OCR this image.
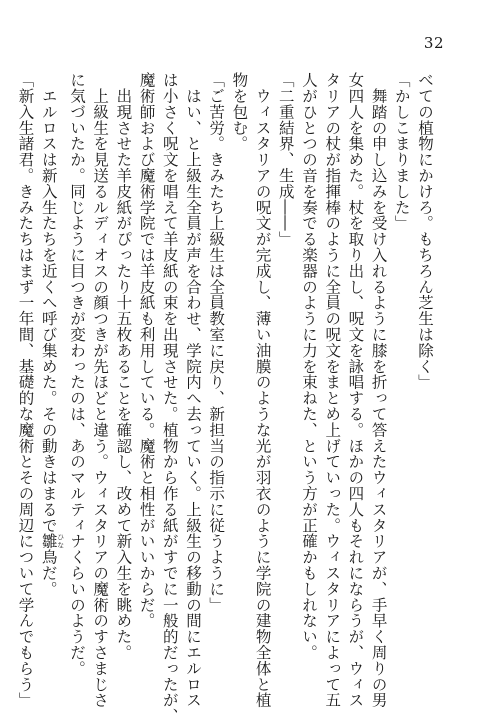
32
べての植物にかけろ。もちろん芝生は除く」
「かしこまりました」
　舞踏の申し込みを受け入れるように膝を折って答えたウィスタリアが、手早く周りの男
女四人を集めた。杖を取り出し、呪文を詠唱する。ほかの四人もそれにならうが、ウィス
タリアの杖が指揮棒のように全員の呪文をまとめ上げていった。ウィスタリアによって五
人がひとつの音を奏でる楽器のように力を束ねた、という方が正確かもしれない。
「二重結界、生成――」
　ウィスタリアの呪文が完成し、薄い油膜のような光が羽衣のように学院の建物全体と植
物を包む。
「ご苦労。きみたち上級生は全員教室に戻り、新担当の指示に従うように」
　はい、と上級生全員が声を合わせ、学院内へ去っていく。上級生の移動の間にエルロス
は小さく呪文を唱えて羊皮紙の束を出現させた。植物から作る紙がすでに一般的だったが、
魔術師および魔術学院では羊皮紙も利用している。魔術と相性がいいからだ。
　出現させた羊皮紙がぴったり十五枚あることを確認し、改めて新入生を眺めた。
　上級生を見送るルディオスの顔つきが先ほどと違う。ウィスタリアの魔術のすさまじさ
に気づいたか。同じように目つきが変わったのは、あのマルティナくらいのようだ。
　エルロスは新入生たちを近くへ呼び集めた。その動きはまるで雛 ひな鳥だ。
「新入生諸君。きみたちはまず一年間、基礎的な魔術とその周辺について学んでもらう」
